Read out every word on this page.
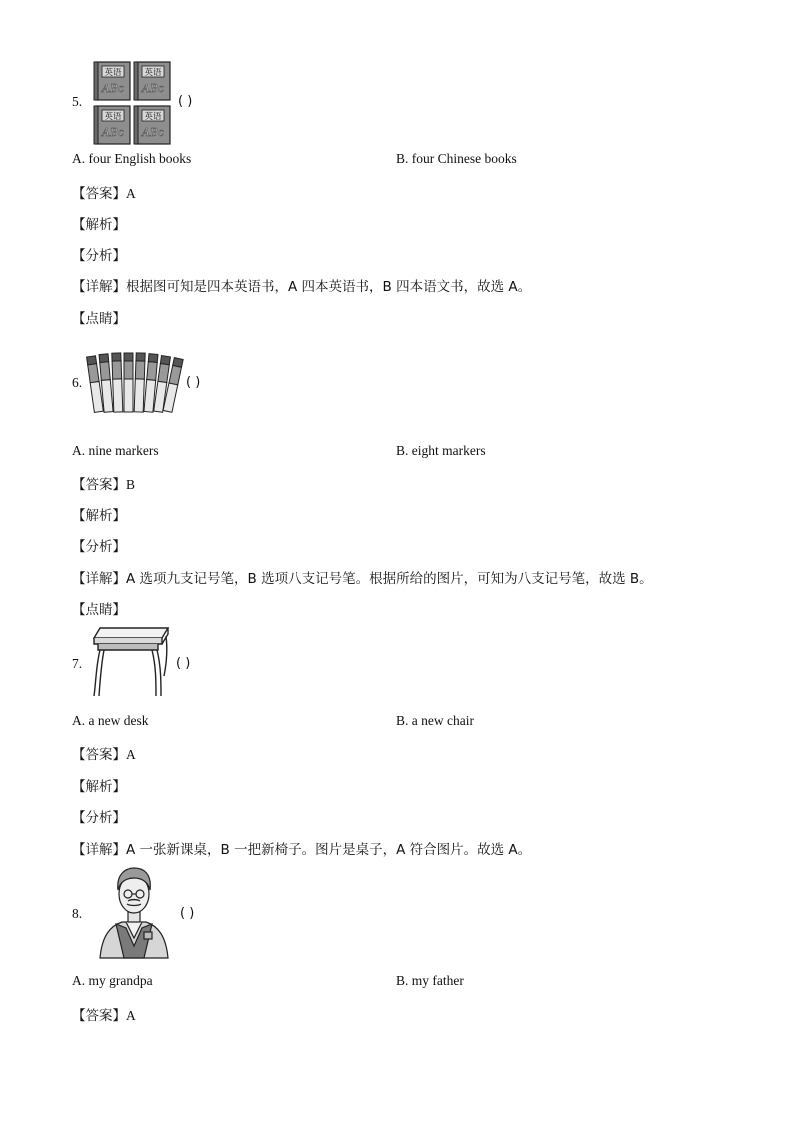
5.
英语
ABc
英语
ABc
英语
ABc
英语
ABc
( )
A. four English books	B. four Chinese books
【答案】A
【解析】
【分析】
【详解】根据图可知是四本英语书，A 四本英语书，B 四本语文书，故选 A。
【点睛】
6.	( )
A. nine markers	B. eight markers
【答案】B
【解析】
【分析】
【详解】A 选项九支记号笔，B 选项八支记号笔。根据所给的图片，可知为八支记号笔，故选 B。
【点睛】
7.	( )
A. a new desk	B. a new chair
【答案】A
【解析】
【分析】
【详解】A 一张新课桌，B 一把新椅子。图片是桌子，A 符合图片。故选 A。
8.	( )
A. my grandpa	B. my father
【答案】A
